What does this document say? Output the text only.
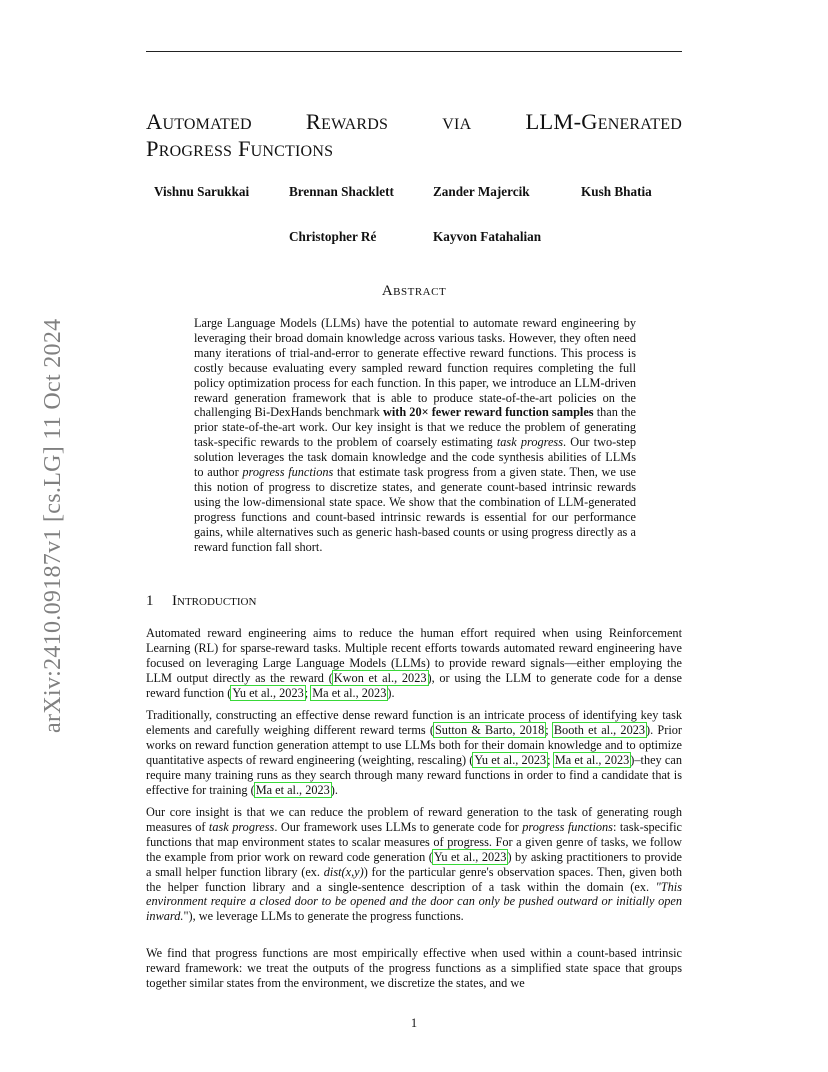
arXiv:2410.09187v1 [cs.LG] 11 Oct 2024
Automated Rewards via LLM-Generated
Progress Functions
Vishnu Sarukkai	Brennan Shacklett	Zander Majercik	Kush Bhatia
Christopher Ré	Kayvon Fatahalian
Abstract
Large Language Models (LLMs) have the potential to automate reward engineering by leveraging their broad domain knowledge across various tasks. However, they often need many iterations of trial-and-error to generate effective reward functions. This process is costly because evaluating every sampled reward function requires completing the full policy optimization process for each function. In this paper, we introduce an LLM-driven reward generation framework that is able to produce state-of-the-art policies on the challenging Bi-DexHands benchmark with 20× fewer reward function samples than the prior state-of-the-art work. Our key insight is that we reduce the problem of generating task-specific rewards to the problem of coarsely estimating task progress. Our two-step solution leverages the task domain knowledge and the code synthesis abilities of LLMs to author progress functions that estimate task progress from a given state. Then, we use this notion of progress to discretize states, and generate count-based intrinsic rewards using the low-dimensional state space. We show that the combination of LLM-generated progress functions and count-based intrinsic rewards is essential for our performance gains, while alternatives such as generic hash-based counts or using progress directly as a reward function fall short.
1 Introduction
Automated reward engineering aims to reduce the human effort required when using Reinforcement Learning (RL) for sparse-reward tasks. Multiple recent efforts towards automated reward engineering have focused on leveraging Large Language Models (LLMs) to provide reward signals—either employing the LLM output directly as the reward (Kwon et al., 2023), or using the LLM to generate code for a dense reward function (Yu et al., 2023; Ma et al., 2023).
Traditionally, constructing an effective dense reward function is an intricate process of identifying key task elements and carefully weighing different reward terms (Sutton & Barto, 2018; Booth et al., 2023). Prior works on reward function generation attempt to use LLMs both for their domain knowledge and to optimize quantitative aspects of reward engineering (weighting, rescaling) (Yu et al., 2023; Ma et al., 2023)–they can require many training runs as they search through many reward functions in order to find a candidate that is effective for training (Ma et al., 2023).
Our core insight is that we can reduce the problem of reward generation to the task of generating rough measures of task progress. Our framework uses LLMs to generate code for progress functions: task-specific functions that map environment states to scalar measures of progress. For a given genre of tasks, we follow the example from prior work on reward code generation (Yu et al., 2023) by asking practitioners to provide a small helper function library (ex. dist(x,y)) for the particular genre's observation spaces. Then, given both the helper function library and a single-sentence description of a task within the domain (ex. "This environment require a closed door to be opened and the door can only be pushed outward or initially open inward."), we leverage LLMs to generate the progress functions.
We find that progress functions are most empirically effective when used within a count-based intrinsic reward framework: we treat the outputs of the progress functions as a simplified state space that groups together similar states from the environment, we discretize the states, and we
1
